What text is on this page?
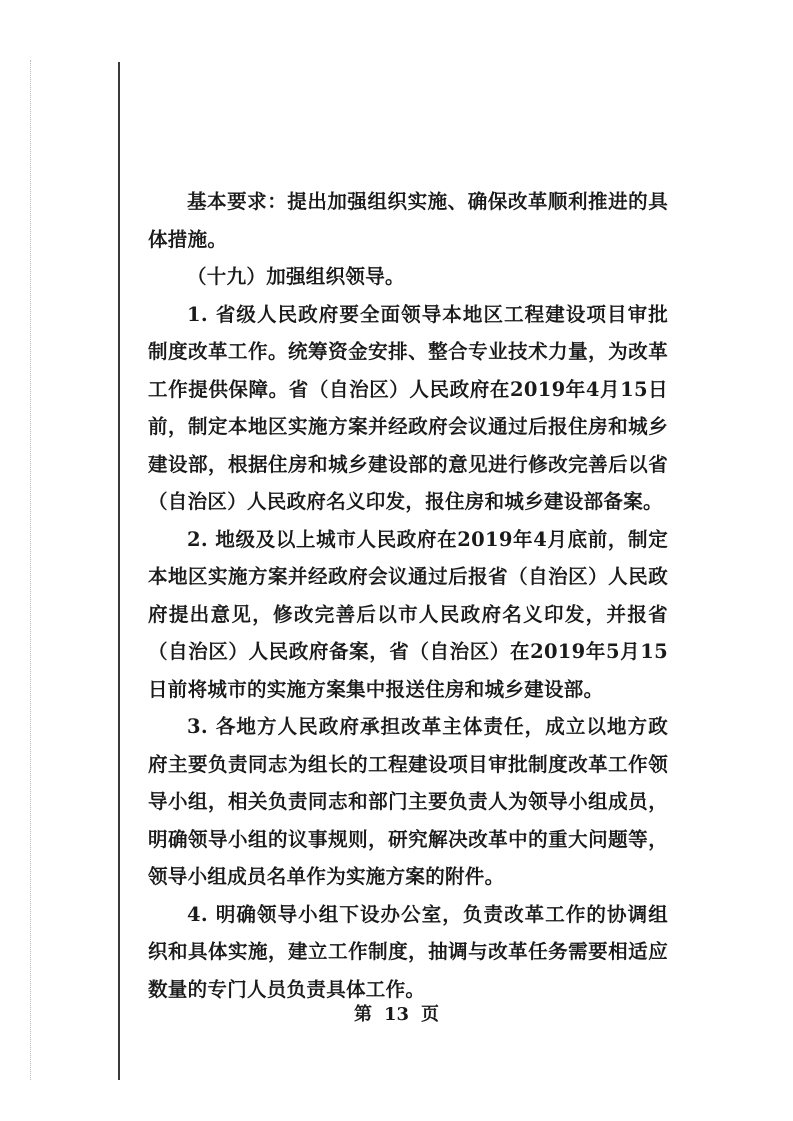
基本要求：提出加强组织实施、确保改革顺利推进的具体措施。

（十九）加强组织领导。

1. 省级人民政府要全面领导本地区工程建设项目审批制度改革工作。统筹资金安排、整合专业技术力量，为改革工作提供保障。省（自治区）人民政府在2019年4月15日前，制定本地区实施方案并经政府会议通过后报住房和城乡建设部，根据住房和城乡建设部的意见进行修改完善后以省（自治区）人民政府名义印发，报住房和城乡建设部备案。

2. 地级及以上城市人民政府在2019年4月底前，制定本地区实施方案并经政府会议通过后报省（自治区）人民政府提出意见，修改完善后以市人民政府名义印发，并报省（自治区）人民政府备案，省（自治区）在2019年5月15日前将城市的实施方案集中报送住房和城乡建设部。

3. 各地方人民政府承担改革主体责任，成立以地方政府主要负责同志为组长的工程建设项目审批制度改革工作领导小组，相关负责同志和部门主要负责人为领导小组成员，明确领导小组的议事规则，研究解决改革中的重大问题等，领导小组成员名单作为实施方案的附件。

4. 明确领导小组下设办公室，负责改革工作的协调组织和具体实施，建立工作制度，抽调与改革任务需要相适应数量的专门人员负责具体工作。

第 13 页
